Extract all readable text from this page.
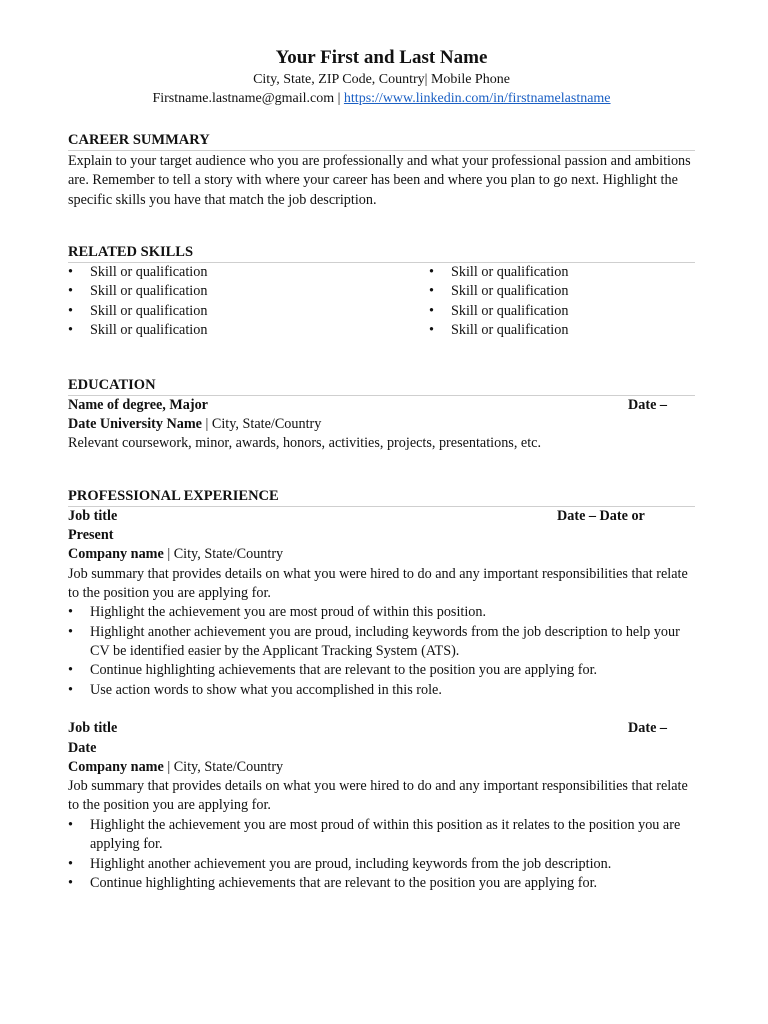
Your First and Last Name
City, State, ZIP Code, Country| Mobile Phone
Firstname.lastname@gmail.com | https://www.linkedin.com/in/firstnamelastname
CAREER SUMMARY

Explain to your target audience who you are professionally and what your professional passion and ambitions are. Remember to tell a story with where your career has been and where you plan to go next. Highlight the specific skills you have that match the job description.

RELATED SKILLS
• Skill or qualification
• Skill or qualification
• Skill or qualification
• Skill or qualification
• Skill or qualification
• Skill or qualification
• Skill or qualification
• Skill or qualification
EDUCATION
Name of degree, Major	Date –
Date University Name | City, State/Country

Relevant coursework, minor, awards, honors, activities, projects, presentations, etc.

PROFESSIONAL EXPERIENCE
Job title	Date – Date or
Present
Company name | City, State/Country

Job summary that provides details on what you were hired to do and any important responsibilities that relate to the position you are applying for.

• Highlight the achievement you are most proud of within this position.
• Highlight another achievement you are proud, including keywords from the job description to help your CV be identified easier by the Applicant Tracking System (ATS).
• Continue highlighting achievements that are relevant to the position you are applying for.
• Use action words to show what you accomplished in this role.
Job title	Date –
Date
Company name | City, State/Country

Job summary that provides details on what you were hired to do and any important responsibilities that relate to the position you are applying for.

• Highlight the achievement you are most proud of within this position as it relates to the position you are applying for.
• Highlight another achievement you are proud, including keywords from the job description.
• Continue highlighting achievements that are relevant to the position you are applying for.
